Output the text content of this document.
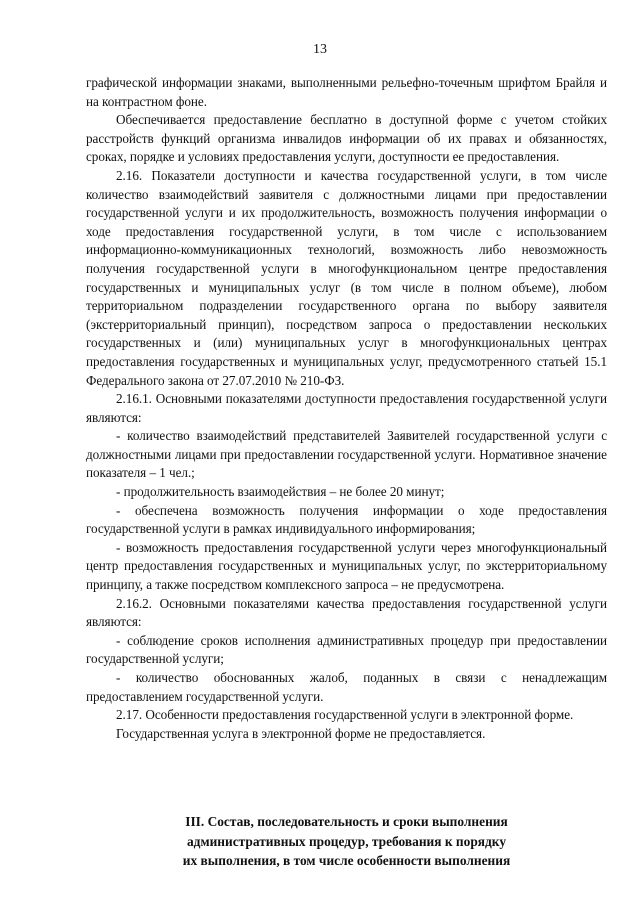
13

графической информации знаками, выполненными рельефно-точечным шрифтом Брайля и на контрастном фоне.

Обеспечивается предоставление бесплатно в доступной форме с учетом стойких расстройств функций организма инвалидов информации об их правах и обязанностях, сроках, порядке и условиях предоставления услуги, доступности ее предоставления.

2.16. Показатели доступности и качества государственной услуги, в том числе количество взаимодействий заявителя с должностными лицами при предоставлении государственной услуги и их продолжительность, возможность получения информации о ходе предоставления государственной услуги, в том числе с использованием информационно-коммуникационных технологий, возможность либо невозможность получения государственной услуги в многофункциональном центре предоставления государственных и муниципальных услуг (в том числе в полном объеме), любом территориальном подразделении государственного органа по выбору заявителя (экстерриториальный принцип), посредством запроса о предоставлении нескольких государственных и (или) муниципальных услуг в многофункциональных центрах предоставления государственных и муниципальных услуг, предусмотренного статьей 15.1 Федерального закона от 27.07.2010 № 210-ФЗ.

2.16.1. Основными показателями доступности предоставления государственной услуги являются:

- количество взаимодействий представителей Заявителей государственной услуги с должностными лицами при предоставлении государственной услуги. Нормативное значение показателя – 1 чел.;

- продолжительность взаимодействия – не более 20 минут;

- обеспечена возможность получения информации о ходе предоставления государственной услуги в рамках индивидуального информирования;

- возможность предоставления государственной услуги через многофункциональный центр предоставления государственных и муниципальных услуг, по экстерриториальному принципу, а также посредством комплексного запроса – не предусмотрена.

2.16.2. Основными показателями качества предоставления государственной услуги являются:

- соблюдение сроков исполнения административных процедур при предоставлении государственной услуги;

- количество обоснованных жалоб, поданных в связи с ненадлежащим предоставлением государственной услуги.

2.17. Особенности предоставления государственной услуги в электронной форме.

Государственная услуга в электронной форме не предоставляется.

III. Состав, последовательность и сроки выполнения
административных процедур, требования к порядку
их выполнения, в том числе особенности выполнения
